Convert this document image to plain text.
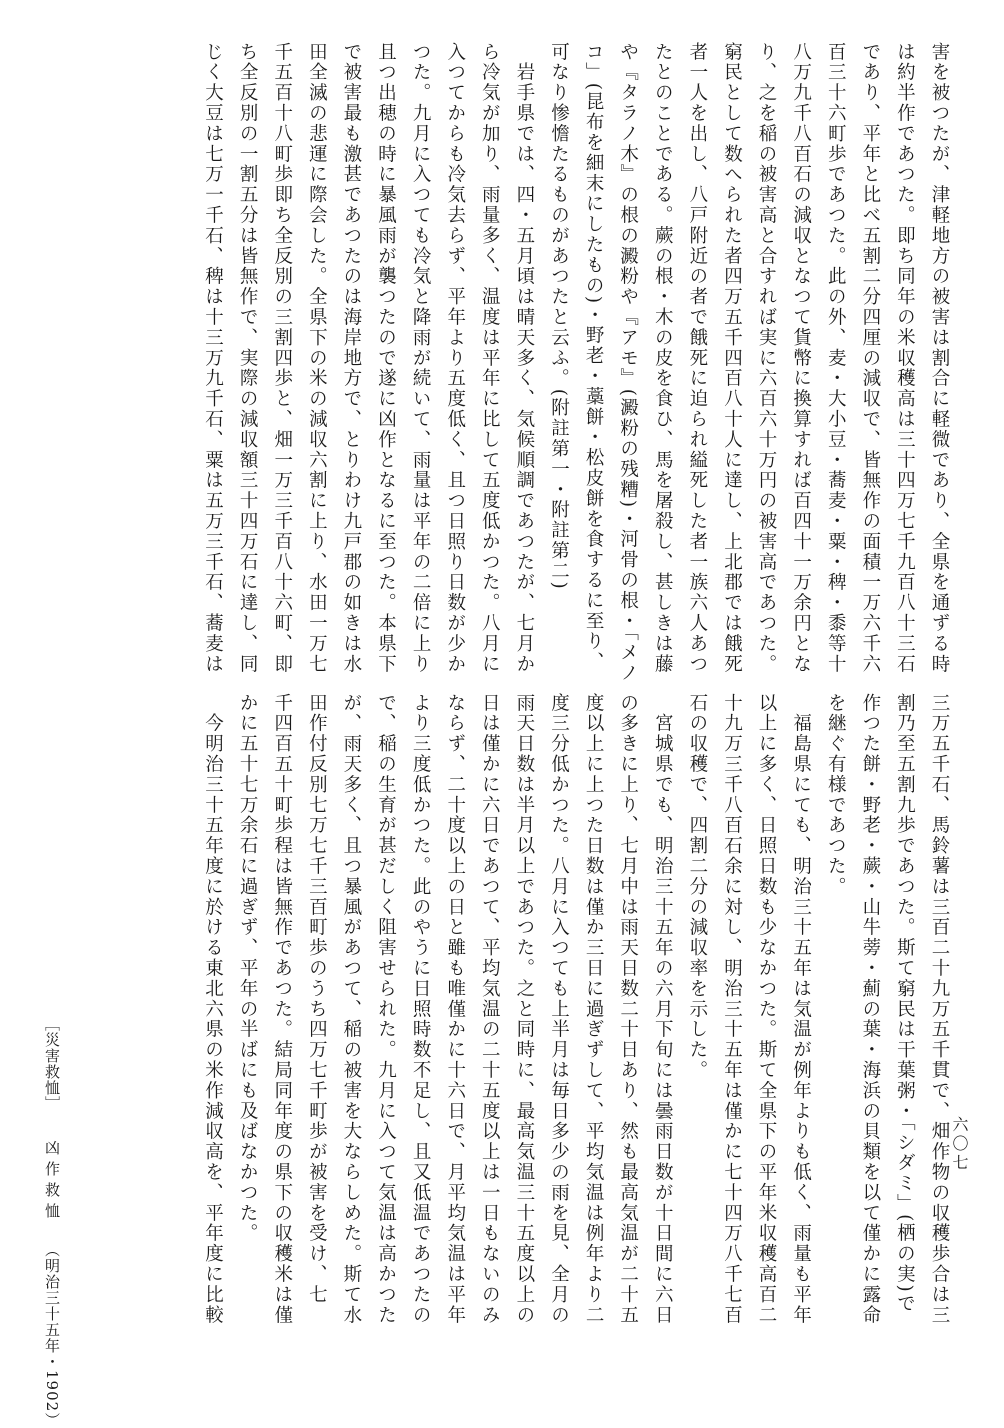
害を被つたが、津軽地方の被害は割合に軽微であり、全県を通ずる時

は約半作であつた。即ち同年の米収穫高は三十四万七千九百八十三石

であり、平年と比べ五割二分四厘の減収で、皆無作の面積一万六千六

百三十六町歩であつた。此の外、麦・大小豆・蕎麦・粟・稗・黍等十

八万九千八百石の減収となつて貨幣に換算すれば百四十一万余円とな

り、之を稲の被害高と合すれば実に六百六十万円の被害高であつた。

窮民として数へられた者四万五千四百八十人に達し、上北郡では餓死

者一人を出し、八戸附近の者で餓死に迫られ縊死した者一族六人あつ

たとのことである。蕨の根・木の皮を食ひ、馬を屠殺し、甚しきは藤

や『タラノ木』の根の澱粉や『アモ』(澱粉の残糟)・河骨の根・「メノ

コ」(昆布を細末にしたもの)・野老・藁餅・松皮餅を食するに至り、

可なり惨憺たるものがあつたと云ふ。(附註第一・附註第二)

　岩手県では、四・五月頃は晴天多く、気候順調であつたが、七月か

ら冷気が加り、雨量多く、温度は平年に比して五度低かつた。八月に

入つてからも冷気去らず、平年より五度低く、且つ日照り日数が少か

つた。九月に入つても冷気と降雨が続いて、雨量は平年の二倍に上り

且つ出穂の時に暴風雨が襲つたので遂に凶作となるに至つた。本県下

で被害最も激甚であつたのは海岸地方で、とりわけ九戸郡の如きは水

田全滅の悲運に際会した。全県下の米の減収六割に上り、水田一万七

千五百十八町歩即ち全反別の三割四歩と、畑一万三千百八十六町、即

ち全反別の一割五分は皆無作で、実際の減収額三十四万石に達し、同

じく大豆は七万一千石、稗は十三万九千石、粟は五万三千石、蕎麦は

三万五千石、馬鈴薯は三百二十九万五千貫で、畑作物の収穫歩合は三

割乃至五割九歩であつた。斯て窮民は干葉粥・「シダミ」(栖の実)で

作つた餅・野老・蕨・山牛蒡・薊の葉・海浜の貝類を以て僅かに露命

を継ぐ有様であつた。

　福島県にても、明治三十五年は気温が例年よりも低く、雨量も平年

以上に多く、日照日数も少なかつた。斯て全県下の平年米収穫高百二

十九万三千八百石余に対し、明治三十五年は僅かに七十四万八千七百

石の収穫で、四割二分の減収率を示した。

　宮城県でも、明治三十五年の六月下旬には曇雨日数が十日間に六日

の多きに上り、七月中は雨天日数二十日あり、然も最高気温が二十五

度以上に上つた日数は僅か三日に過ぎずして、平均気温は例年より二

度三分低かつた。八月に入つても上半月は毎日多少の雨を見、全月の

雨天日数は半月以上であつた。之と同時に、最高気温三十五度以上の

日は僅かに六日であつて、平均気温の二十五度以上は一日もないのみ

ならず、二十度以上の日と雖も唯僅かに十六日で、月平均気温は平年

より三度低かつた。此のやうに日照時数不足し、且又低温であつたの

で、稲の生育が甚だしく阻害せられた。九月に入つて気温は高かつた

が、雨天多く、且つ暴風があつて、稲の被害を大ならしめた。斯て水

田作付反別七万七千三百町歩のうち四万七千町歩が被害を受け、七

千四百五十町歩程は皆無作であつた。結局同年度の県下の収穫米は僅

かに五十七万余石に過ぎず、平年の半ばにも及ばなかつた。

　今明治三十五年度に於ける東北六県の米作減収高を、平年度に比較	六〇七
［災害救恤］凶作救恤（明治三十五年・1902）
